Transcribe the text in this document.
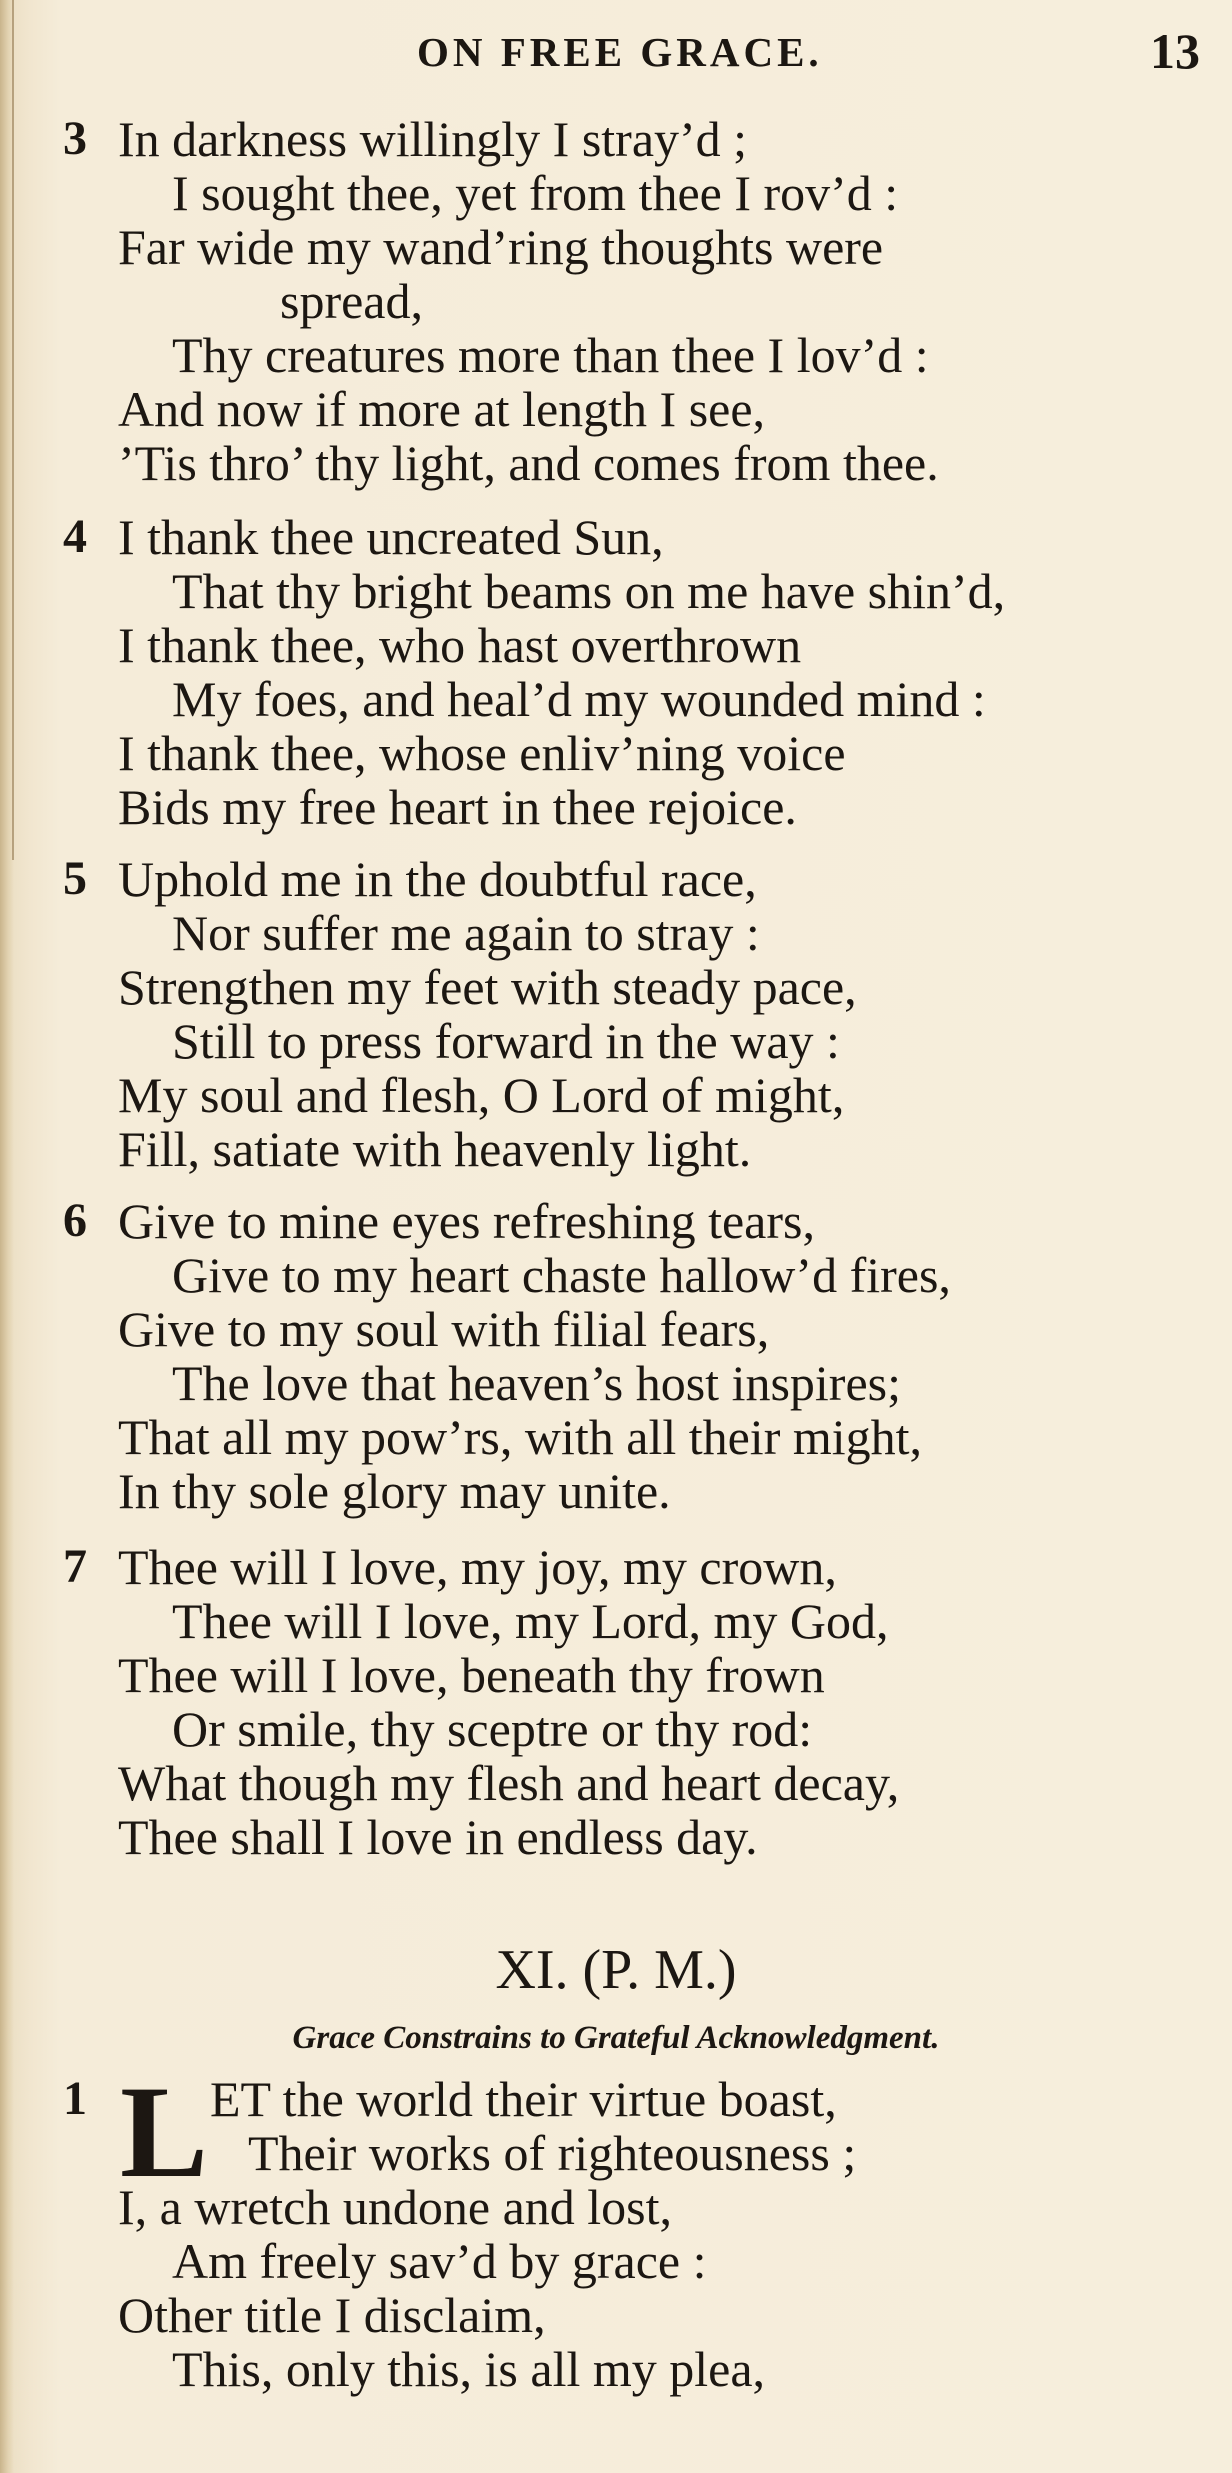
ON FREE GRACE.	13
3 In darkness willingly I stray’d ;
I sought thee, yet from thee I rov’d :
Far wide my wand’ring thoughts were
spread,
Thy creatures more than thee I lov’d :
And now if more at length I see,
’Tis thro’ thy light, and comes from thee.
4 I thank thee uncreated Sun,
That thy bright beams on me have shin’d,
I thank thee, who hast overthrown
My foes, and heal’d my wounded mind :
I thank thee, whose enliv’ning voice
Bids my free heart in thee rejoice.
5 Uphold me in the doubtful race,
Nor suffer me again to stray :
Strengthen my feet with steady pace,
Still to press forward in the way :
My soul and flesh, O Lord of might,
Fill, satiate with heavenly light.
6 Give to mine eyes refreshing tears,
Give to my heart chaste hallow’d fires,
Give to my soul with filial fears,
The love that heaven’s host inspires;
That all my pow’rs, with all their might,
In thy sole glory may unite.
7 Thee will I love, my joy, my crown,
Thee will I love, my Lord, my God,
Thee will I love, beneath thy frown
Or smile, thy sceptre or thy rod:
What though my flesh and heart decay,
Thee shall I love in endless day.
XI. (P. M.)
Grace Constrains to Grateful Acknowledgment.
1 L ET the world their virtue boast,
Their works of righteousness ;
I, a wretch undone and lost,
Am freely sav’d by grace :
Other title I disclaim,
This, only this, is all my plea,
